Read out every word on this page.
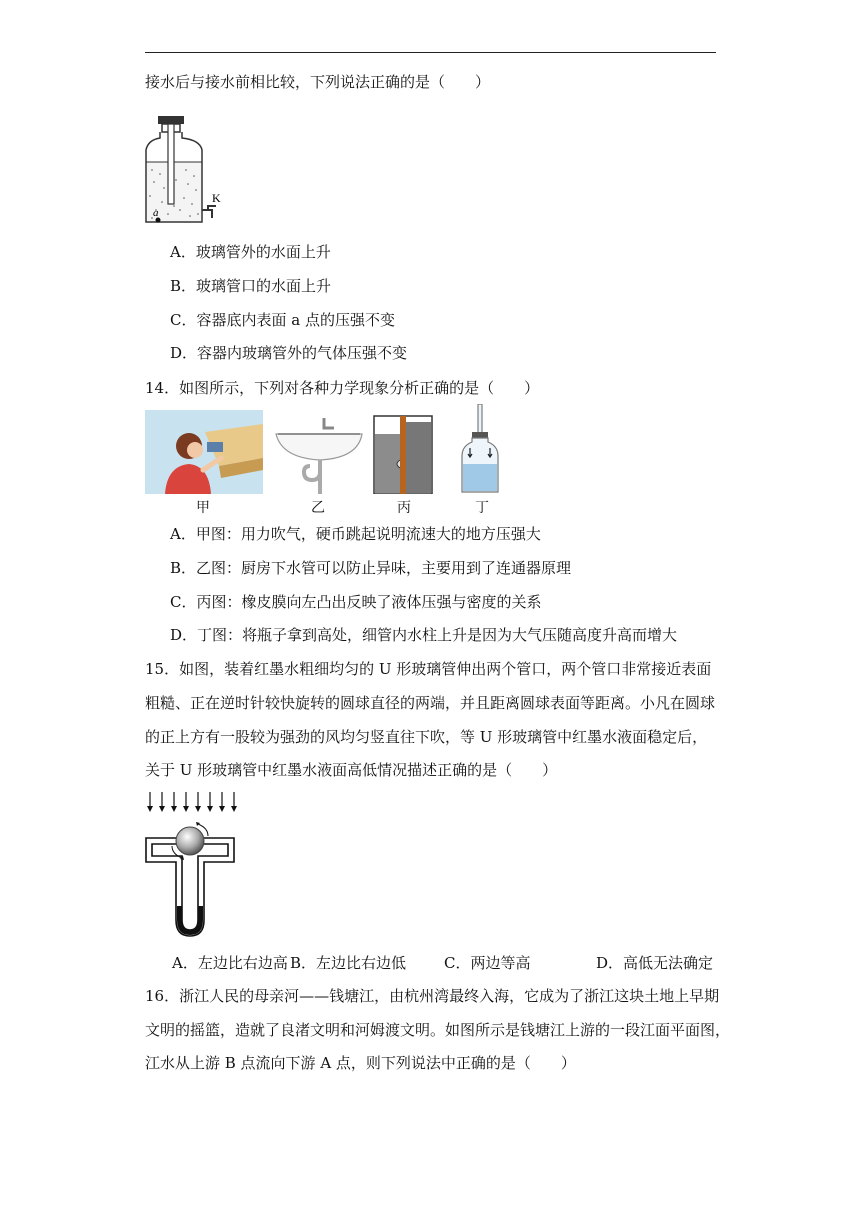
接水后与接水前相比较，下列说法正确的是（　　）
K
a
A．玻璃管外的水面上升
B．玻璃管口的水面上升
C．容器底内表面 a 点的压强不变
D．容器内玻璃管外的气体压强不变
14．如图所示，下列对各种力学现象分析正确的是（　　）
甲	乙	丙	丁
A．甲图：用力吹气，硬币跳起说明流速大的地方压强大
B．乙图：厨房下水管可以防止异味，主要用到了连通器原理
C．丙图：橡皮膜向左凸出反映了液体压强与密度的关系
D．丁图：将瓶子拿到高处，细管内水柱上升是因为大气压随高度升高而增大
15．如图，装着红墨水粗细均匀的 U 形玻璃管伸出两个管口，两个管口非常接近表面
粗糙、正在逆时针较快旋转的圆球直径的两端，并且距离圆球表面等距离。小凡在圆球
的正上方有一股较为强劲的风均匀竖直往下吹，等 U 形玻璃管中红墨水液面稳定后，
关于 U 形玻璃管中红墨水液面高低情况描述正确的是（　　）
A．左边比右边高 B．左边比右边低	C．两边等高	D．高低无法确定
16．浙江人民的母亲河——钱塘江，由杭州湾最终入海，它成为了浙江这块土地上早期
文明的摇篮，造就了良渚文明和河姆渡文明。如图所示是钱塘江上游的一段江面平面图，
江水从上游 B 点流向下游 A 点，则下列说法中正确的是（　　）
